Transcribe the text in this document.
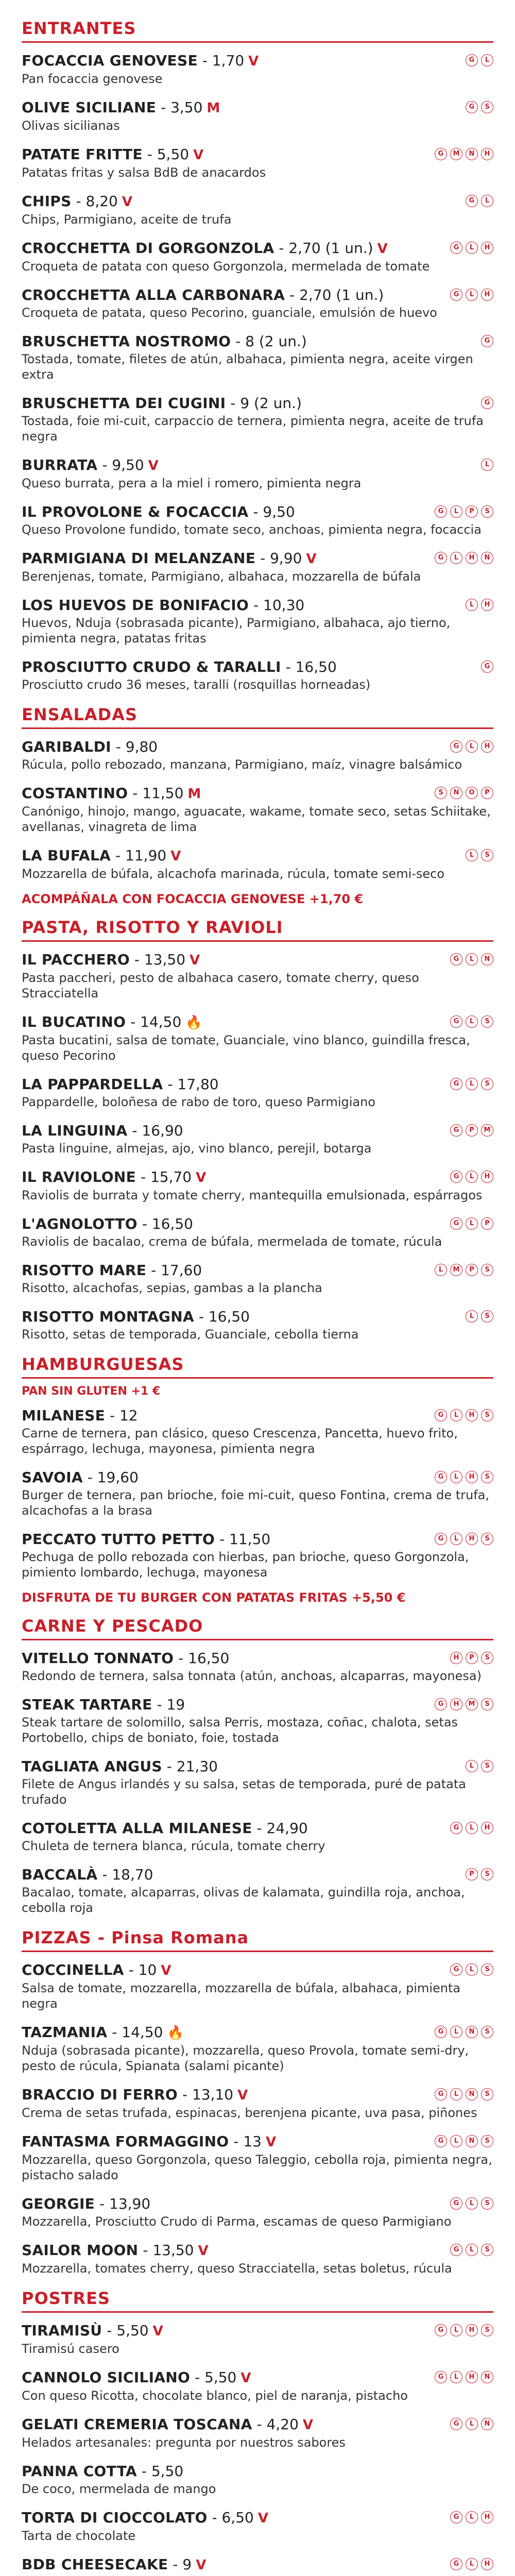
ENTRANTES
FOCACCIA GENOVESE - 1,70 V	G	L
Pan focaccia genovese
OLIVE SICILIANE - 3,50 M	G	S
Olivas sicilianas
PATATE FRITTE - 5,50 V	G	M	N	H
Patatas fritas y salsa BdB de anacardos
CHIPS - 8,20 V	G	L
Chips, Parmigiano, aceite de trufa
CROCCHETTA DI GORGONZOLA - 2,70 (1 un.) V	G	L	H
Croqueta de patata con queso Gorgonzola, mermelada de tomate
CROCCHETTA ALLA CARBONARA - 2,70 (1 un.)	G	L	H
Croqueta de patata, queso Pecorino, guanciale, emulsión de huevo
BRUSCHETTA NOSTROMO - 8 (2 un.)	G
Tostada, tomate, filetes de atún, albahaca, pimienta negra, aceite virgen extra
BRUSCHETTA DEI CUGINI - 9 (2 un.)	G
Tostada, foie mi-cuit, carpaccio de ternera, pimienta negra, aceite de trufa negra
BURRATA - 9,50 V	L
Queso burrata, pera a la miel i romero, pimienta negra
IL PROVOLONE & FOCACCIA - 9,50	G	L	P	S
Queso Provolone fundido, tomate seco, anchoas, pimienta negra, focaccia
PARMIGIANA DI MELANZANE - 9,90 V	G	L	H	N
Berenjenas, tomate, Parmigiano, albahaca, mozzarella de búfala
LOS HUEVOS DE BONIFACIO - 10,30	L	H
Huevos, Nduja (sobrasada picante), Parmigiano, albahaca, ajo tierno, pimienta negra, patatas fritas
PROSCIUTTO CRUDO & TARALLI - 16,50	G
Prosciutto crudo 36 meses, taralli (rosquillas horneadas)
ENSALADAS
GARIBALDI - 9,80	G	L	H
Rúcula, pollo rebozado, manzana, Parmigiano, maíz, vinagre balsámico
COSTANTINO - 11,50 M	S	N	O	P
Canónigo, hinojo, mango, aguacate, wakame, tomate seco, setas Schiitake, avellanas, vinagreta de lima
LA BUFALA - 11,90 V	L	S
Mozzarella de búfala, alcachofa marinada, rúcula, tomate semi-seco
ACOMPÁÑALA CON FOCACCIA GENOVESE +1,70 €
PASTA, RISOTTO Y RAVIOLI
IL PACCHERO - 13,50 V	G	L	N
Pasta paccheri, pesto de albahaca casero, tomate cherry, queso Stracciatella
IL BUCATINO - 14,50 🔥	G	L	S
Pasta bucatini, salsa de tomate, Guanciale, vino blanco, guindilla fresca, queso Pecorino
LA PAPPARDELLA - 17,80	G	L	S
Pappardelle, boloñesa de rabo de toro, queso Parmigiano
LA LINGUINA - 16,90	G	P	M
Pasta linguine, almejas, ajo, vino blanco, perejil, botarga
IL RAVIOLONE - 15,70 V	G	L	H
Raviolis de burrata y tomate cherry, mantequilla emulsionada, espárragos
L'AGNOLOTTO - 16,50	G	L	P
Raviolis de bacalao, crema de búfala, mermelada de tomate, rúcula
RISOTTO MARE - 17,60	L	M	P	S
Risotto, alcachofas, sepias, gambas a la plancha
RISOTTO MONTAGNA - 16,50	L	S
Risotto, setas de temporada, Guanciale, cebolla tierna
HAMBURGUESAS
PAN SIN GLUTEN +1 €
MILANESE - 12	G	L	H	S
Carne de ternera, pan clásico, queso Crescenza, Pancetta, huevo frito, espárrago, lechuga, mayonesa, pimienta negra
SAVOIA - 19,60	G	L	H	S
Burger de ternera, pan brioche, foie mi-cuit, queso Fontina, crema de trufa, alcachofas a la brasa
PECCATO TUTTO PETTO - 11,50	G	L	H	S
Pechuga de pollo rebozada con hierbas, pan brioche, queso Gorgonzola, pimiento lombardo, lechuga, mayonesa
DISFRUTA DE TU BURGER CON PATATAS FRITAS +5,50 €
CARNE Y PESCADO
VITELLO TONNATO - 16,50	H	P	S
Redondo de ternera, salsa tonnata (atún, anchoas, alcaparras, mayonesa)
STEAK TARTARE - 19	G	H	M	S
Steak tartare de solomillo, salsa Perris, mostaza, coñac, chalota, setas Portobello, chips de boniato, foie, tostada
TAGLIATA ANGUS - 21,30	L	S
Filete de Angus irlandés y su salsa, setas de temporada, puré de patata trufado
COTOLETTA ALLA MILANESE - 24,90	G	L	H
Chuleta de ternera blanca, rúcula, tomate cherry
BACCALÀ - 18,70	P	S
Bacalao, tomate, alcaparras, olivas de kalamata, guindilla roja, anchoa, cebolla roja
PIZZAS - Pinsa Romana
COCCINELLA - 10 V	G	L	S
Salsa de tomate, mozzarella, mozzarella de búfala, albahaca, pimienta negra
TAZMANIA - 14,50 🔥	G	L	N	S
Nduja (sobrasada picante), mozzarella, queso Provola, tomate semi-dry, pesto de rúcula, Spianata (salami picante)
BRACCIO DI FERRO - 13,10 V	G	L	N	S
Crema de setas trufada, espinacas, berenjena picante, uva pasa, piñones
FANTASMA FORMAGGINO - 13 V	G	L	N	S
Mozzarella, queso Gorgonzola, queso Taleggio, cebolla roja, pimienta negra, pistacho salado
GEORGIE - 13,90	G	L	S
Mozzarella, Prosciutto Crudo di Parma, escamas de queso Parmigiano
SAILOR MOON - 13,50 V	G	L	S
Mozzarella, tomates cherry, queso Stracciatella, setas boletus, rúcula
POSTRES
TIRAMISÙ - 5,50 V	G	L	H	S
Tiramisú casero
CANNOLO SICILIANO - 5,50 V	G	L	H	N
Con queso Ricotta, chocolate blanco, piel de naranja, pistacho
GELATI CREMERIA TOSCANA - 4,20 V	G	L	N
Helados artesanales: pregunta por nuestros sabores
PANNA COTTA - 5,50
De coco, mermelada de mango
TORTA DI CIOCCOLATO - 6,50 V	G	L	H
Tarta de chocolate
BDB CHEESECAKE - 9 V	G	L	H
